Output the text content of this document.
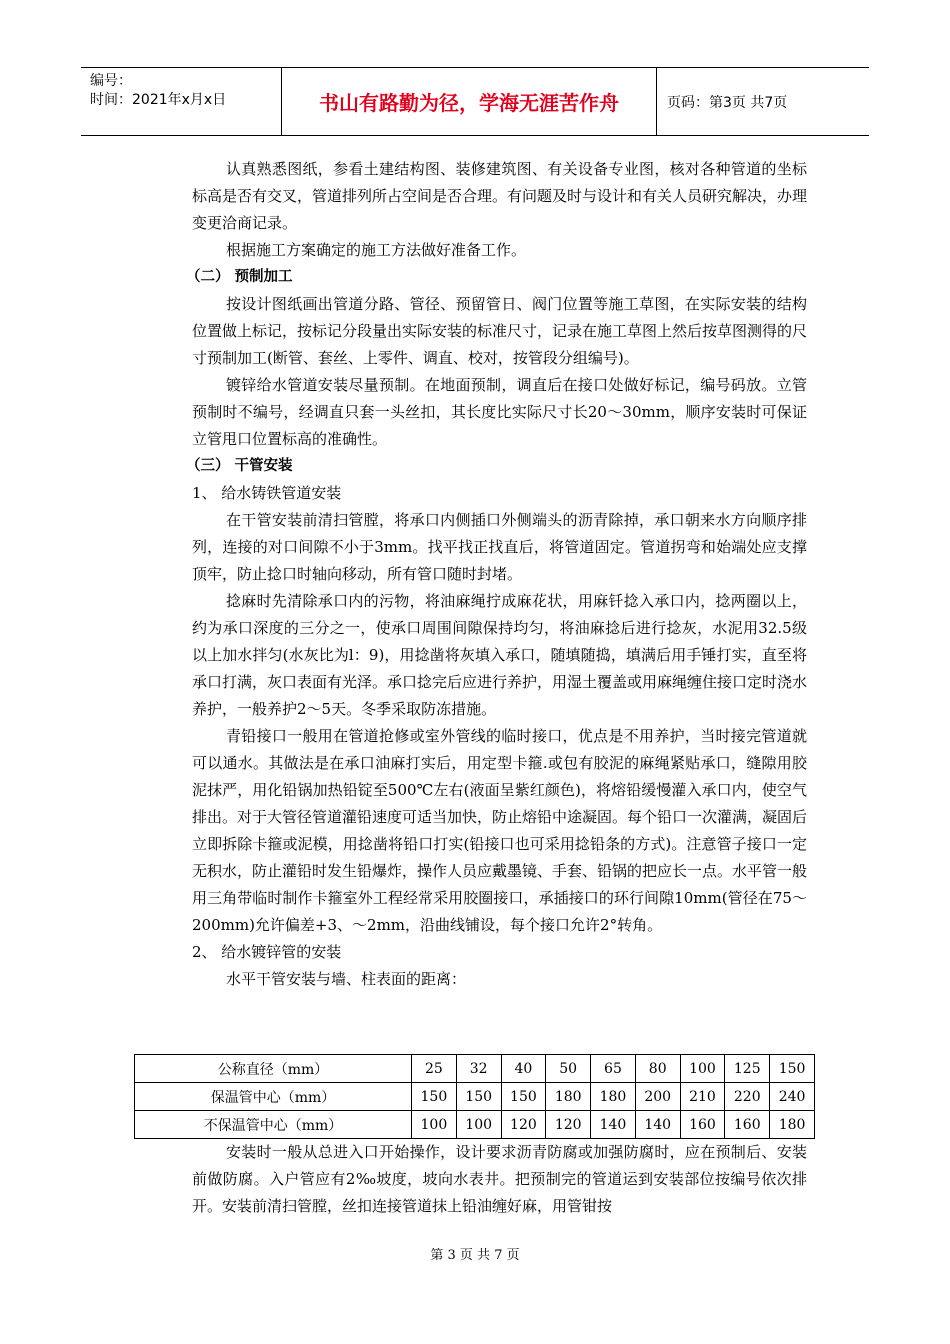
编号：
时间：2021年x月x日	书山有路勤为径，学海无涯苦作舟	页码：第3页 共7页

认真熟悉图纸，参看土建结构图、装修建筑图、有关设备专业图，核对各种管道的坐标标高是否有交叉，管道排列所占空间是否合理。有问题及时与设计和有关人员研究解决，办理变更洽商记录。

根据施工方案确定的施工方法做好准备工作。

（二） 预制加工

按设计图纸画出管道分路、管径、预留管日、阀门位置等施工草图，在实际安装的结构位置做上标记，按标记分段量出实际安装的标准尺寸，记录在施工草图上然后按草图测得的尺寸预制加工(断管、套丝、上零件、调直、校对，按管段分组编号)。

镀锌给水管道安装尽量预制。在地面预制，调直后在接口处做好标记，编号码放。立管预制时不编号，经调直只套一头丝扣，其长度比实际尺寸长20～30mm，顺序安装时可保证立管甩口位置标高的准确性。

（三） 干管安装

1、 给水铸铁管道安装

在干管安装前清扫管膛，将承口内侧插口外侧端头的沥青除掉，承口朝来水方向顺序排列，连接的对口间隙不小于3mm。找平找正找直后，将管道固定。管道拐弯和始端处应支撑顶牢，防止捻口时轴向移动，所有管口随时封堵。

捻麻时先清除承口内的污物，将油麻绳拧成麻花状，用麻钎捻入承口内，捻两圈以上，约为承口深度的三分之一，使承口周围间隙保持均匀，将油麻捻后进行捻灰，水泥用32.5级以上加水拌匀(水灰比为l：9)，用捻凿将灰填入承口，随填随捣，填满后用手锤打实，直至将承口打满，灰口表面有光泽。承口捻完后应进行养护，用湿土覆盖或用麻绳缠住接口定时浇水养护，一般养护2～5天。冬季采取防冻措施。

青铅接口一般用在管道抢修或室外管线的临时接口，优点是不用养护，当时接完管道就可以通水。其做法是在承口油麻打实后，用定型卡箍.或包有胶泥的麻绳紧贴承口，缝隙用胶泥抹严，用化铅锅加热铅锭至500℃左右(液面呈紫红颜色)，将熔铅缓慢灌入承口内，使空气排出。对于大管径管道灌铅速度可适当加快，防止熔铅中途凝固。每个铅口一次灌满，凝固后立即拆除卡箍或泥模，用捻凿将铅口打实(铅接口也可采用捻铅条的方式)。注意管子接口一定无积水，防止灌铅时发生铅爆炸，操作人员应戴墨镜、手套、铅锅的把应长一点。水平管一般用三角带临时制作卡箍室外工程经常采用胶圈接口，承插接口的环行间隙10mm(管径在75～200mm)允许偏差+3、～2mm，沿曲线铺设，每个接口允许2°转角。

2、 给水镀锌管的安装

水平干管安装与墙、柱表面的距离：

公称直径（mm）	25	32	40	50	65	80	100	125	150
保温管中心（mm）	150	150	150	180	180	200	210	220	240
不保温管中心（mm）	100	100	120	120	140	140	160	160	180

安装时一般从总进入口开始操作，设计要求沥青防腐或加强防腐时，应在预制后、安装前做防腐。入户管应有2‰坡度，坡向水表井。把预制完的管道运到安装部位按编号依次排开。安装前清扫管膛，丝扣连接管道抹上铅油缠好麻，用管钳按

第 3 页 共 7 页
